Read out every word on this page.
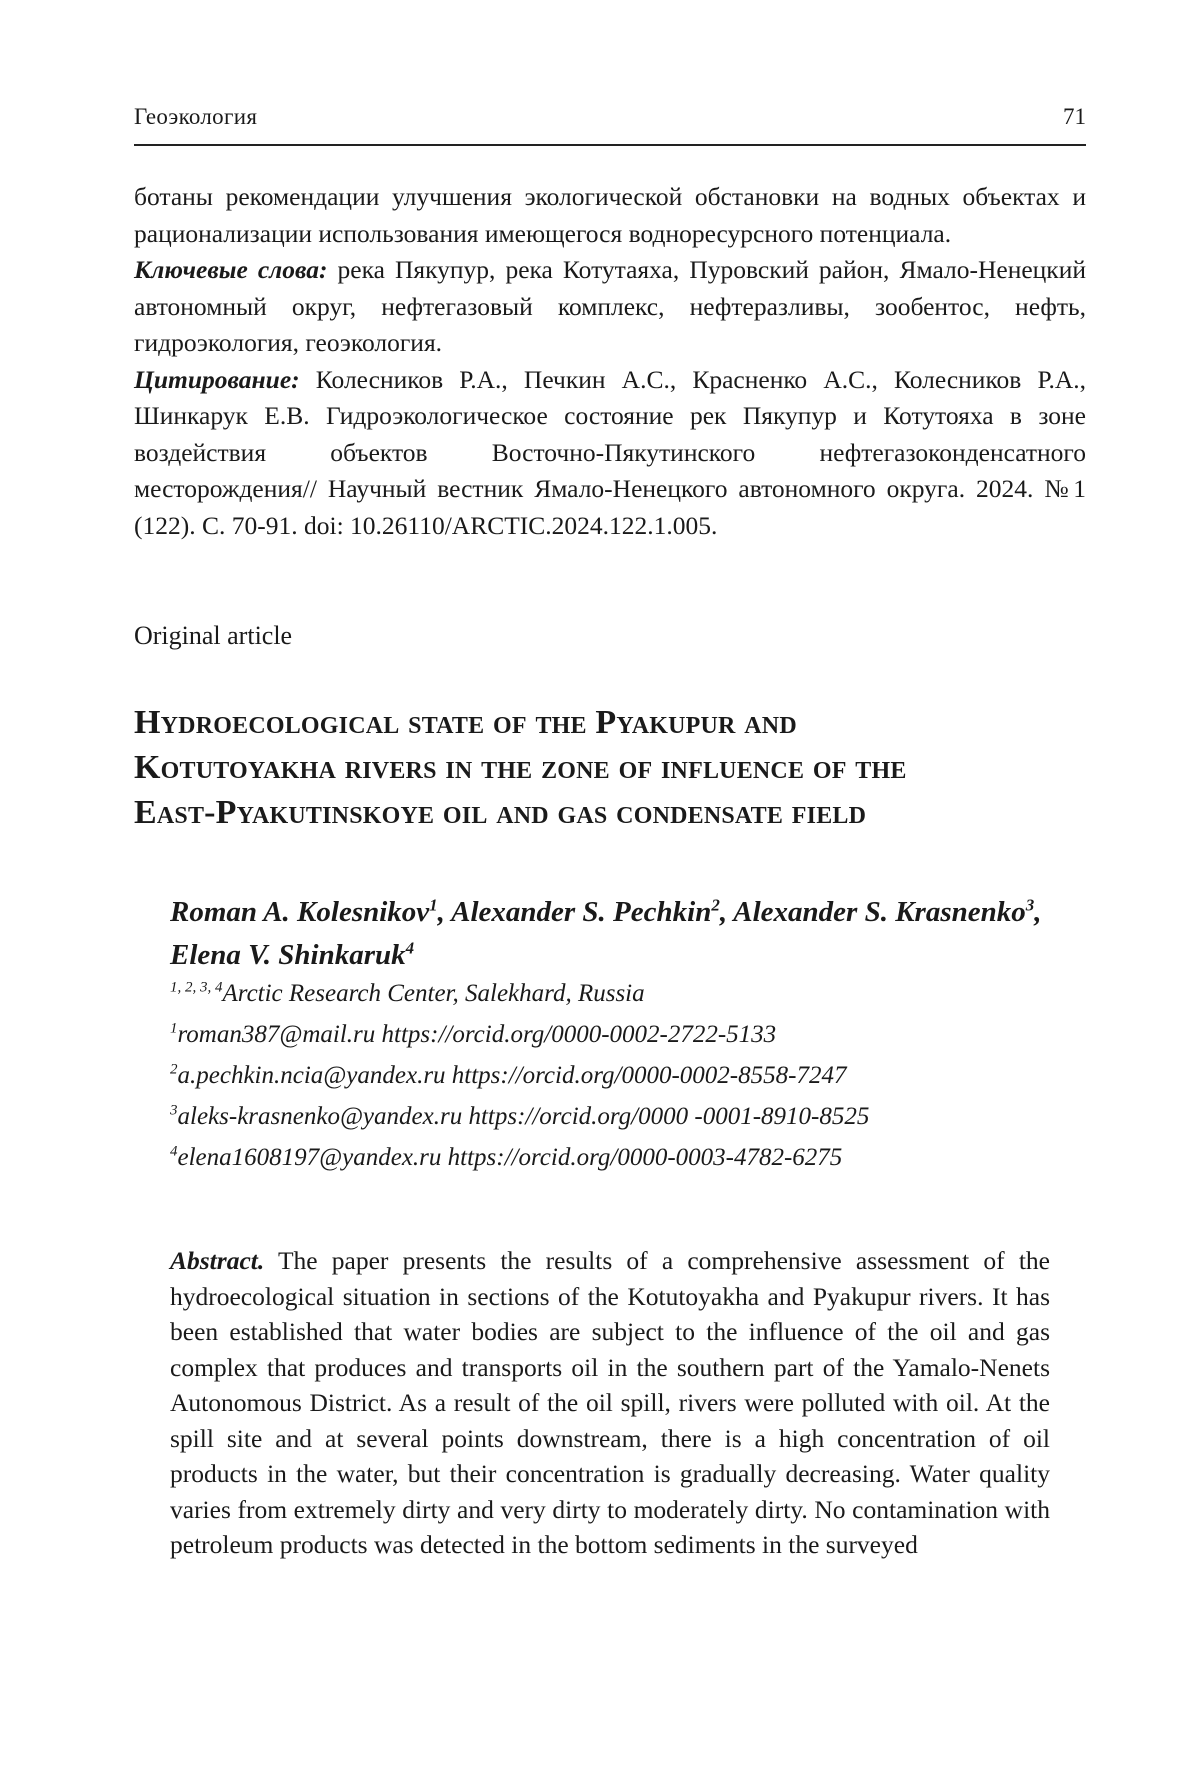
Геоэкология	71

ботаны рекомендации улучшения экологической обстановки на водных объектах и рационализации использования имеющегося водноресурсного потенциала.

Ключевые слова: река Пякупур, река Котутаяха, Пуровский район, Ямало-Ненецкий автономный округ, нефтегазовый комплекс, нефтеразливы, зообентос, нефть, гидроэкология, геоэкология.

Цитирование: Колесников Р.А., Печкин А.С., Красненко А.С., Колесников Р.А., Шинкарук Е.В. Гидроэкологическое состояние рек Пякупур и Котутояха в зоне воздействия объектов Восточно-Пякутинского нефтегазоконденсатного месторождения// Научный вестник Ямало-Ненецкого автономного округа. 2024. №1 (122). С. 70-91. doi: 10.26110/ARCTIC.2024.122.1.005.

Original article
Hydroecological state of the Pyakupur and
Kotutoyakha rivers in the zone of influence of the
East-Pyakutinskoye oil and gas condensate field
Roman A. Kolesnikov$^1$, Alexander S. Pechkin$^2$, Alexander S. Krasnenko$^3$, Elena V. Shinkaruk$^4$
$^{1, 2, 3, 4}$Arctic Research Center, Salekhard, Russia
$^1$roman387@mail.ru https://orcid.org/0000-0002-2722-5133
$^2$a.pechkin.ncia@yandex.ru https://orcid.org/0000-0002-8558-7247
$^3$aleks-krasnenko@yandex.ru https://orcid.org/0000 -0001-8910-8525
$^4$elena1608197@yandex.ru https://orcid.org/0000-0003-4782-6275
Abstract. The paper presents the results of a comprehensive assessment of the hydroecological situation in sections of the Kotutoyakha and Pyakupur rivers. It has been established that water bodies are subject to the influence of the oil and gas complex that produces and transports oil in the southern part of the Yamalo-Nenets Autonomous District. As a result of the oil spill, rivers were polluted with oil. At the spill site and at several points downstream, there is a high concentration of oil products in the water, but their concentration is gradually decreasing. Water quality varies from extremely dirty and very dirty to moderately dirty. No contamination with petroleum products was detected in the bottom sediments in the surveyed
